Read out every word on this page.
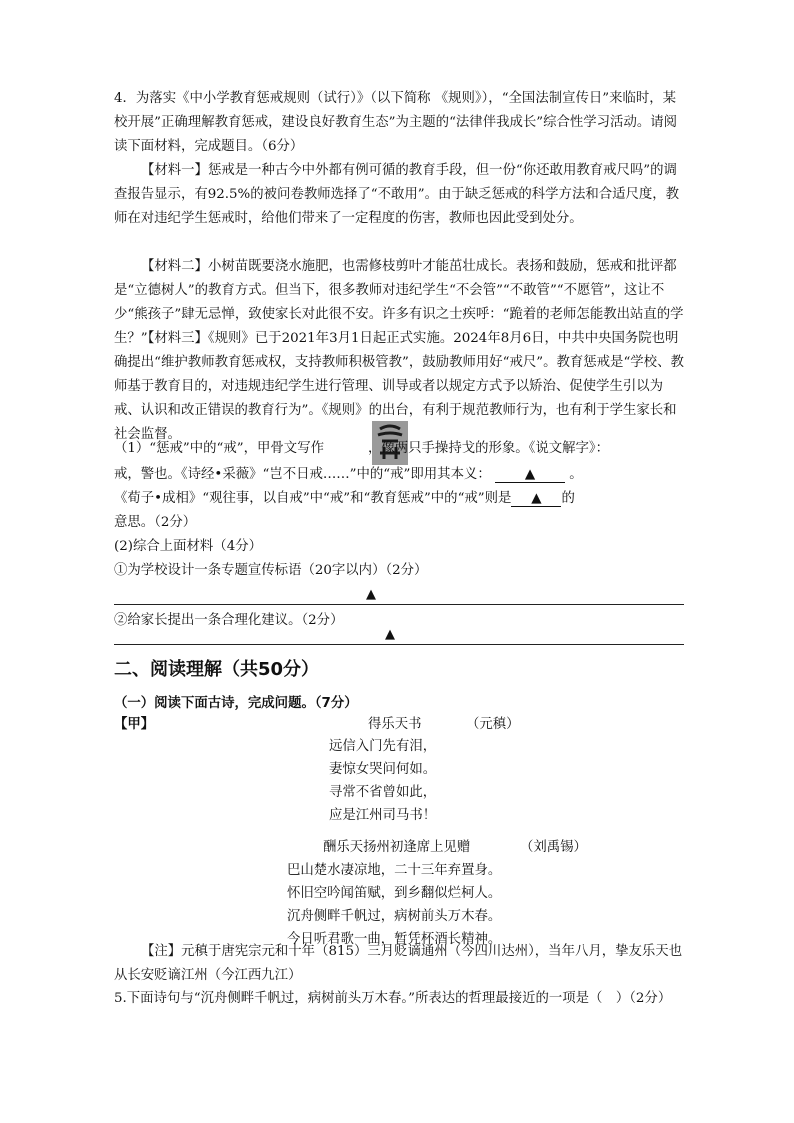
4．为落实《中小学教育惩戒规则（试行）》（以下简称 《规则》），“全国法制宣传日”来临时，某校开展”正确理解教育惩戒，建设良好教育生态”为主题的“法律伴我成长”综合性学习活动。请阅读下面材料，完成题目。（6分）

【材料一】惩戒是一种古今中外都有例可循的教育手段，但一份“你还敢用教育戒尺吗”的调查报告显示，有92.5%的被问卷教师选择了“不敢用”。由于缺乏惩戒的科学方法和合适尺度，教师在对违纪学生惩戒时，给他们带来了一定程度的伤害，教师也因此受到处分。

【材料二】小树苗既要浇水施肥，也需修枝剪叶才能茁壮成长。表扬和鼓励，惩戒和批评都是“立德树人”的教育方式。但当下，很多教师对违纪学生“不会管”“不敢管”“不愿管”，这让不少“熊孩子”肆无忌惮，致使家长对此很不安。许多有识之士疾呼：“跪着的老师怎能教出站直的学生？”

【材料三】《规则》已于2021年3月1日起正式实施。2024年8月6日，中共中央国务院也明确提出“维护教师教育惩戒权，支持教师积极管教”，鼓励教师用好“戒尺”。教育惩戒是“学校、教师基于教育目的，对违规违纪学生进行管理、训导或者以规定方式予以矫治、促使学生引以为戒、认识和改正错误的教育行为”。《规则》的出台，有利于规范教师行为，也有利于学生家长和社会监督。

（1）“惩戒”中的“戒”，甲骨文写作	，像两只手操持戈的形象。《说文解字》：
戒，警也。《诗经•采薇》“岂不日戒……”中的“戒”即用其本义：	▲	。
《荀子•成相》“观往事，以自戒”中“戒”和“教育惩戒”中的“戒”则是 ▲ 的
意思。（2分）
(2)综合上面材料（4分）
①为学校设计一条专题宣传标语（20字以内）（2分）
▲
②给家长提出一条合理化建议。（2分）
▲
二、阅读理解（共50分）
（一）阅读下面古诗，完成问题。（7分）
【甲】	得乐天书	（元稹）
远信入门先有泪，
妻惊女哭问何如。
寻常不省曾如此，
应是江州司马书！
酬乐天扬州初逢席上见赠	（刘禹锡）
巴山楚水凄凉地，二十三年弃置身。
怀旧空吟闻笛赋，到乡翻似烂柯人。
沉舟侧畔千帆过，病树前头万木春。
今日听君歌一曲，暂凭杯酒长精神。

【注】元稹于唐宪宗元和十年（815）三月贬谪通州（今四川达州），当年八月，挚友乐天也从长安贬谪江州（今江西九江）

5.下面诗句与“沉舟侧畔千帆过，病树前头万木春。”所表达的哲理最接近的一项是（　）（2分）
